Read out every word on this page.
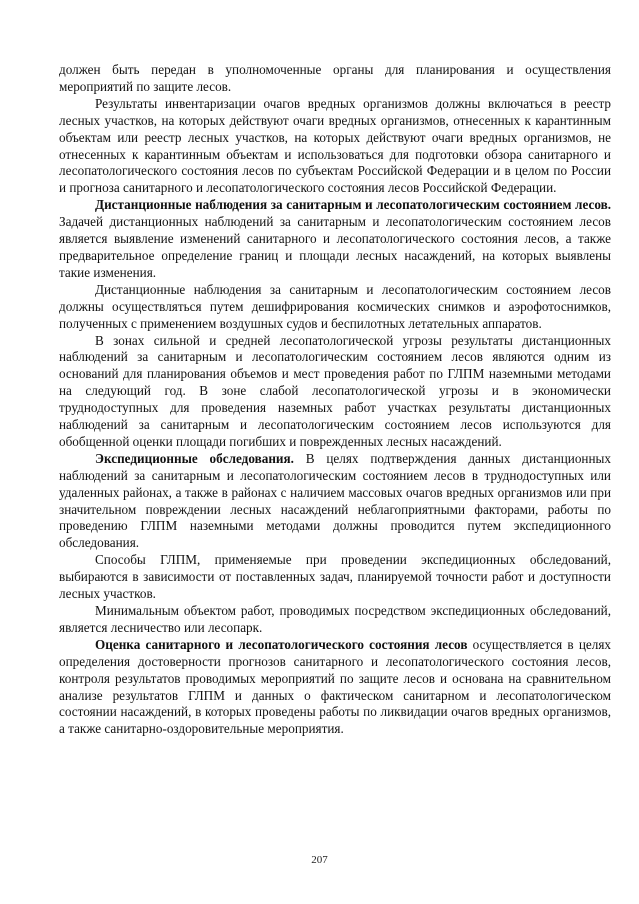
должен быть передан в уполномоченные органы для планирования и осуществления мероприятий по защите лесов.

Результаты инвентаризации очагов вредных организмов должны включаться в реестр лесных участков, на которых действуют очаги вредных организмов, отнесенных к карантинным объектам или реестр лесных участков, на которых действуют очаги вредных организмов, не отнесенных к карантинным объектам и использоваться для подготовки обзора санитарного и лесопатологического состояния лесов по субъектам Российской Федерации и в целом по России и прогноза санитарного и лесопатологического состояния лесов Российской Федерации.

Дистанционные наблюдения за санитарным и лесопатологическим состоянием лесов. Задачей дистанционных наблюдений за санитарным и лесопатологическим состоянием лесов является выявление изменений санитарного и лесопатологического состояния лесов, а также предварительное определение границ и площади лесных насаждений, на которых выявлены такие изменения.

Дистанционные наблюдения за санитарным и лесопатологическим состоянием лесов должны осуществляться путем дешифрирования космических снимков и аэрофотоснимков, полученных с применением воздушных судов и беспилотных летательных аппаратов.

В зонах сильной и средней лесопатологической угрозы результаты дистанционных наблюдений за санитарным и лесопатологическим состоянием лесов являются одним из оснований для планирования объемов и мест проведения работ по ГЛПМ наземными методами на следующий год. В зоне слабой лесопатологической угрозы и в экономически труднодоступных для проведения наземных работ участках результаты дистанционных наблюдений за санитарным и лесопатологическим состоянием лесов используются для обобщенной оценки площади погибших и поврежденных лесных насаждений.

Экспедиционные обследования. В целях подтверждения данных дистанционных наблюдений за санитарным и лесопатологическим состоянием лесов в труднодоступных или удаленных районах, а также в районах с наличием массовых очагов вредных организмов или при значительном повреждении лесных насаждений неблагоприятными факторами, работы по проведению ГЛПМ наземными методами должны проводится путем экспедиционного обследования.

Способы ГЛПМ, применяемые при проведении экспедиционных обследований, выбираются в зависимости от поставленных задач, планируемой точности работ и доступности лесных участков.

Минимальным объектом работ, проводимых посредством экспедиционных обследований, является лесничество или лесопарк.

Оценка санитарного и лесопатологического состояния лесов осуществляется в целях определения достоверности прогнозов санитарного и лесопатологического состояния лесов, контроля результатов проводимых мероприятий по защите лесов и основана на сравнительном анализе результатов ГЛПМ и данных о фактическом санитарном и лесопатологическом состоянии насаждений, в которых проведены работы по ликвидации очагов вредных организмов, а также санитарно-оздоровительные мероприятия.

207
